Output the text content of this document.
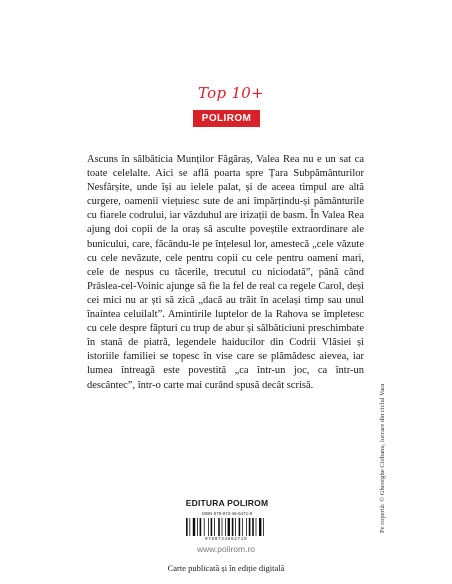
Top 10+
POLIROM

Ascuns în sălbăticia Munților Făgăraș, Valea Rea nu e un sat ca toate celelalte. Aici se află poarta spre Țara Subpământurilor Nesfârșite, unde își au ielele palat, și de aceea timpul are altă curgere, oamenii viețuiesc sute de ani împărțindu-și pământurile cu fiarele codrului, iar văzduhul are irizații de basm. În Valea Rea ajung doi copii de la oraș să asculte poveștile extraordinare ale bunicului, care, făcându-le pe înțelesul lor, amestecă „cele văzute cu cele nevăzute, cele pentru copii cu cele pentru oameni mari, cele de nespus cu tăcerile, trecutul cu niciodată”, până când Prâslea-cel-Voinic ajunge să fie la fel de real ca regele Carol, deși cei mici nu ar ști să zică „dacă au trăit în același timp sau unul înaintea celuilalt”. Amintirile luptelor de la Rahova se împletesc cu cele despre făpturi cu trup de abur și sălbăticiuni preschimbate în stană de piatră, legendele haiducilor din Codrii Vlăsiei și istoriile familiei se topesc în vise care se plămădesc aievea, iar lumea întreagă este povestită „ca într-un joc, ca într-un descântec”, într-o carte mai curând spusă decât scrisă.

EDITURA POLIROM
ISBN 978-973-46-6471-9
9789734664719
www.polirom.ro
Carte publicată și în ediție digitală
Pe copertă: © Gheorghe Ciobanu, lucrare din ciclul Vara
